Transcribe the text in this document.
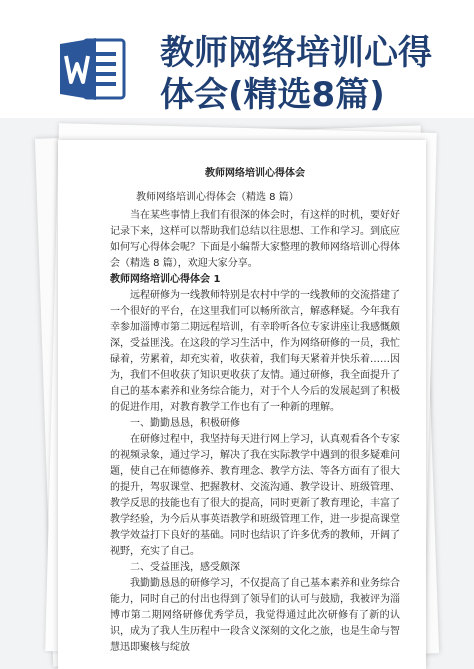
教师网络培训心得
体会(精选8篇)
教师网络培训心得体会
教师网络培训心得体会（精选 8 篇）
当在某些事情上我们有很深的体会时，有这样的时机，要好好记录下来，这样可以帮助我们总结以往思想、工作和学习。到底应如何写心得体会呢？下面是小编帮大家整理的教师网络培训心得体会（精选 8 篇），欢迎大家分享。
教师网络培训心得体会 1
远程研修为一线教师特别是农村中学的一线教师的交流搭建了一个很好的平台，在这里我们可以畅所欲言，解惑释疑。今年我有幸参加淄博市第二期远程培训，有幸聆听各位专家讲座让我感慨颇深，受益匪浅。在这段的学习生活中，作为网络研修的一员，我忙碌着，劳累着，却充实着，收获着，我们每天紧着并快乐着……因为，我们不但收获了知识更收获了友情。通过研修，我全面提升了自己的基本素养和业务综合能力，对于个人今后的发展起到了积极的促进作用，对教育教学工作也有了一种新的理解。
一、勤勤恳恳，积极研修
在研修过程中，我坚持每天进行网上学习，认真观看各个专家的视频录象，通过学习，解决了我在实际教学中遇到的很多疑难问题，使自己在师德修养、教育理念、教学方法、等各方面有了很大的提升，驾驭课堂、把握教材、交流沟通、教学设计、班级管理、教学反思的技能也有了很大的提高，同时更新了教育理论，丰富了教学经验，为今后从事英语教学和班级管理工作，进一步提高课堂教学效益打下良好的基础。同时也结识了许多优秀的教师，开阔了视野，充实了自己。
二、受益匪浅，感受颇深
我勤勤恳恳的研修学习，不仅提高了自己基本素养和业务综合能力，同时自己的付出也得到了领导们的认可与鼓励，我被评为淄博市第二期网络研修优秀学员，我觉得通过此次研修有了新的认识，成为了我人生历程中一段含义深刻的文化之旅，也是生命与智慧迅即聚核与绽放
